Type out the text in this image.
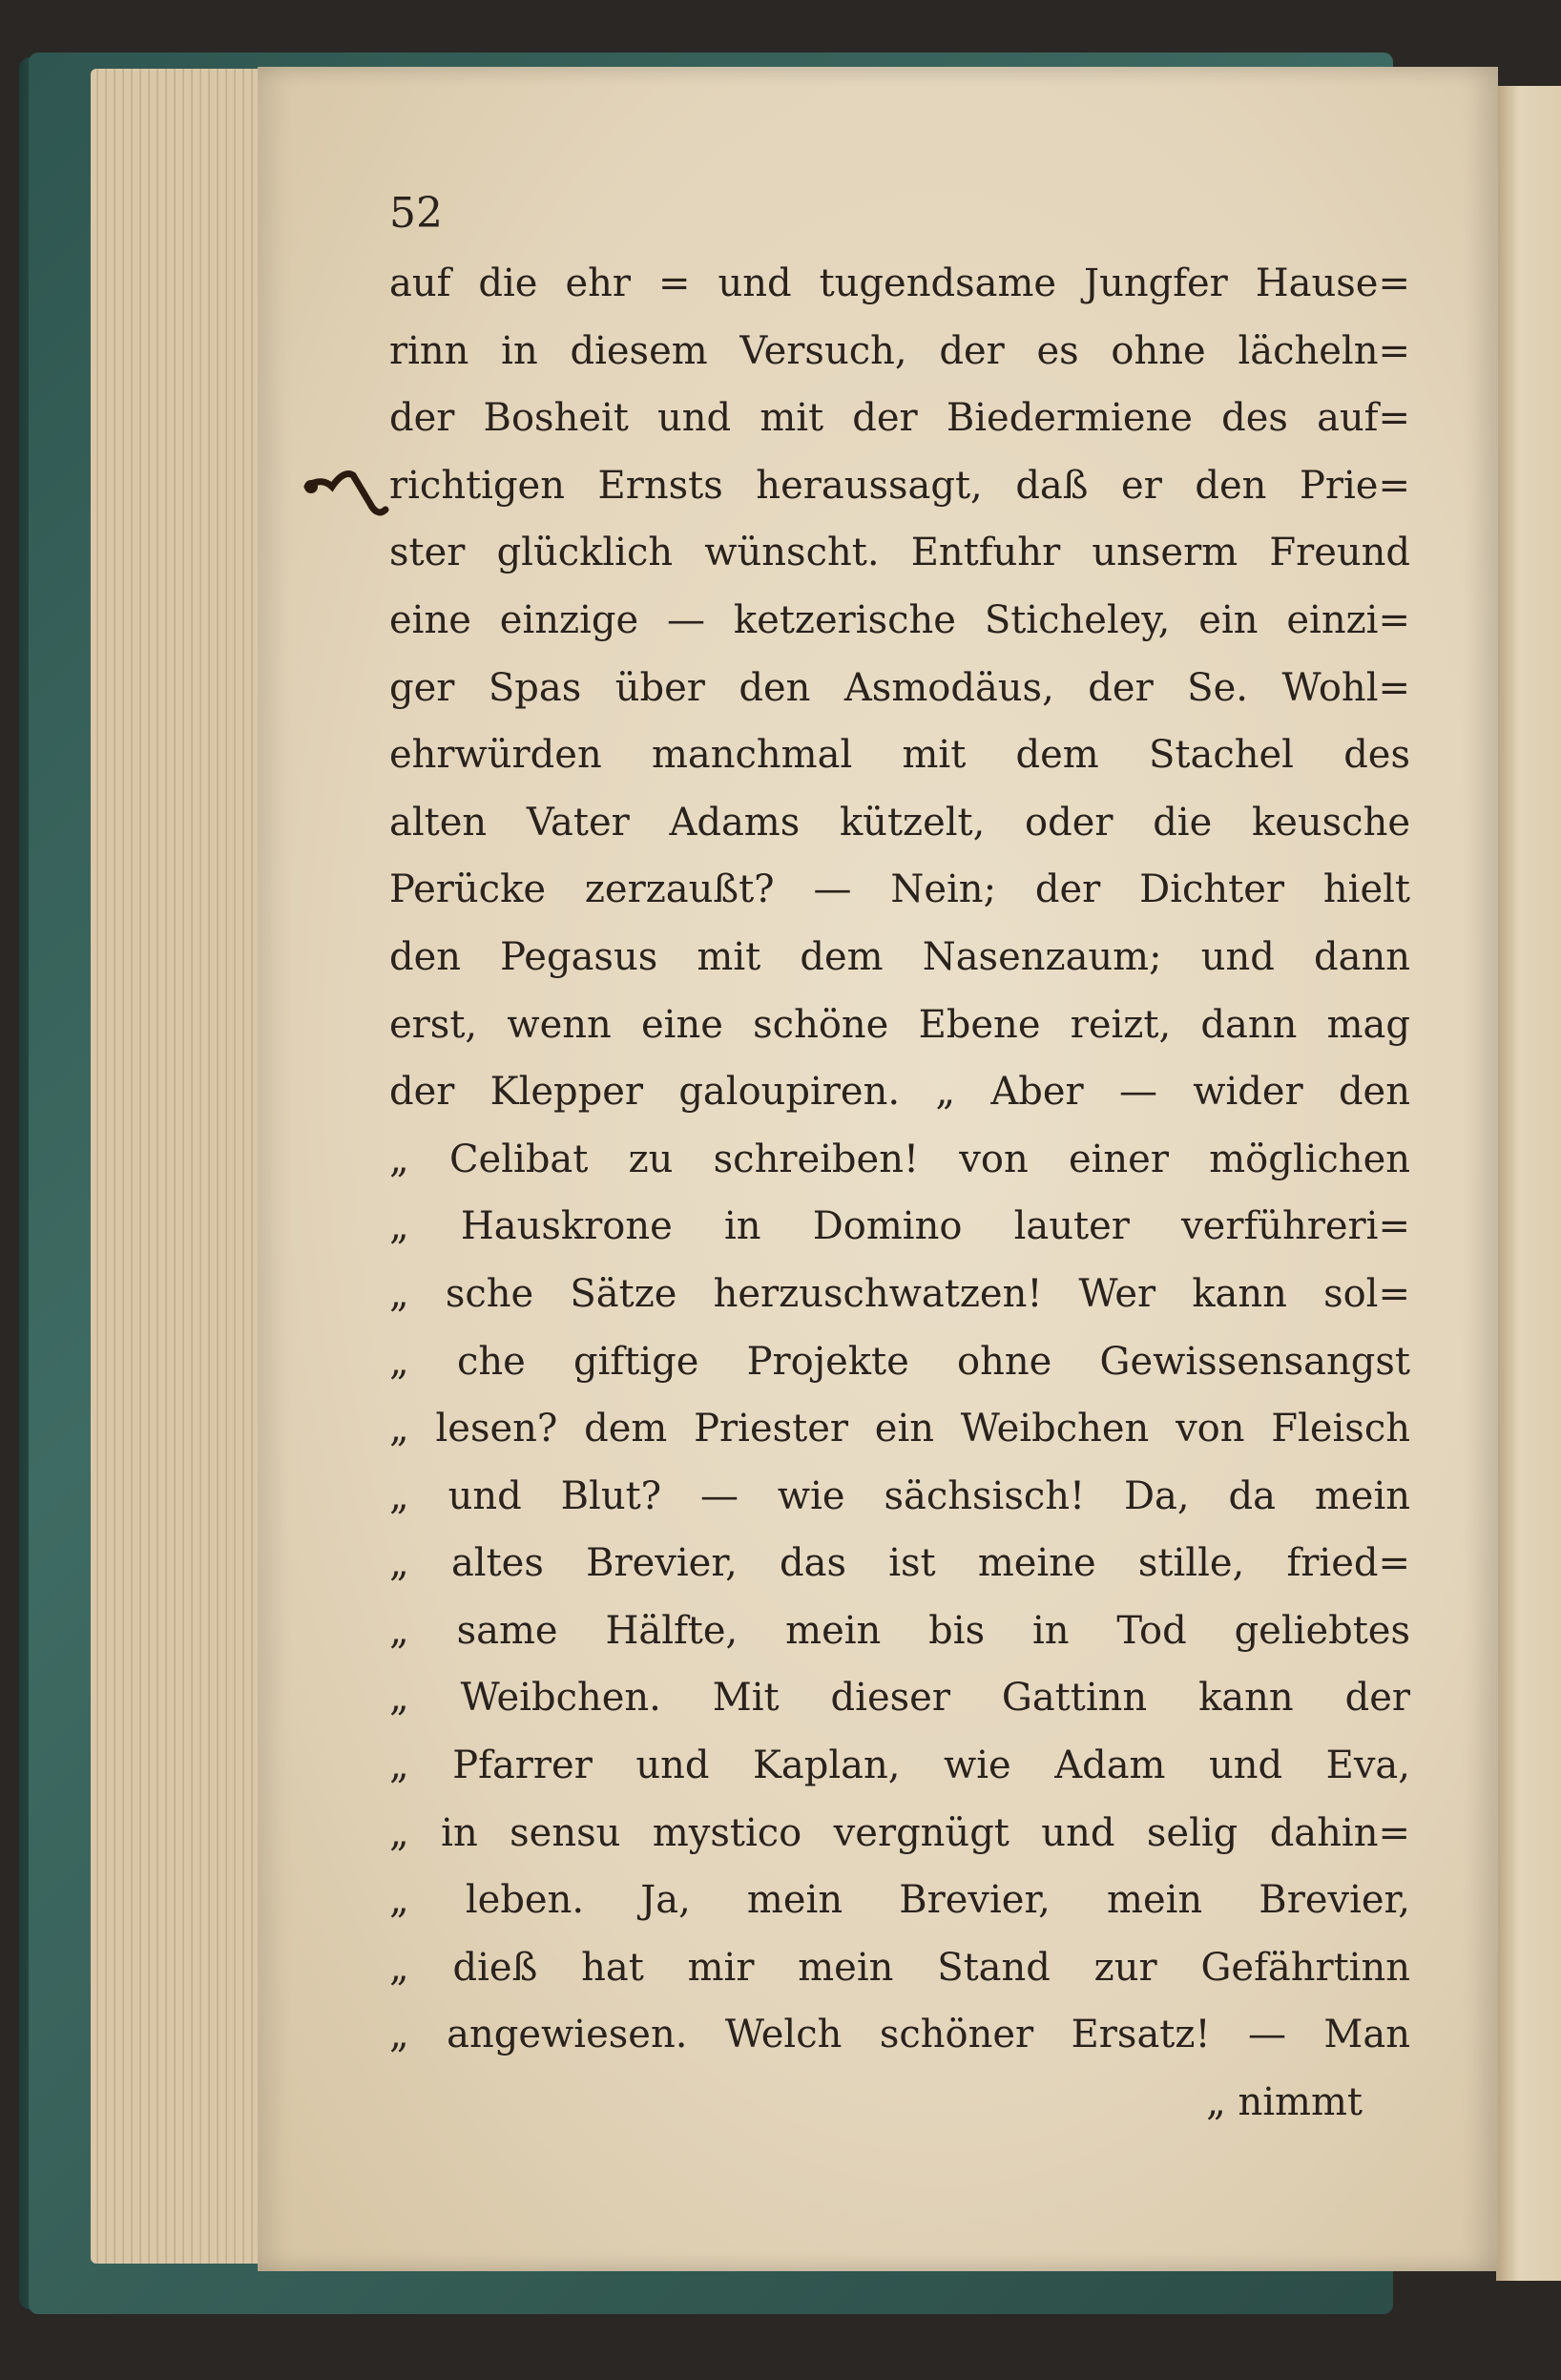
52
auf die ehr = und tugendsame Jungfer Hause=
rinn in diesem Versuch, der es ohne lächeln=
der Bosheit und mit der Biedermiene des auf=
richtigen Ernsts heraussagt, daß er den Prie=
ster glücklich wünscht. Entfuhr unserm Freund
eine einzige — ketzerische Sticheley, ein einzi=
ger Spas über den Asmodäus, der Se. Wohl=
ehrwürden manchmal mit dem Stachel des
alten Vater Adams kützelt, oder die keusche
Perücke zerzaußt? — Nein; der Dichter hielt
den Pegasus mit dem Nasenzaum; und dann
erst, wenn eine schöne Ebene reizt, dann mag
der Klepper galoupiren. „ Aber — wider den
„ Celibat zu schreiben! von einer möglichen
„ Hauskrone in Domino lauter verführeri=
„ sche Sätze herzuschwatzen! Wer kann sol=
„ che giftige Projekte ohne Gewissensangst
„ lesen? dem Priester ein Weibchen von Fleisch
„ und Blut? — wie sächsisch! Da, da mein
„ altes Brevier, das ist meine stille, fried=
„ same Hälfte, mein bis in Tod geliebtes
„ Weibchen. Mit dieser Gattinn kann der
„ Pfarrer und Kaplan, wie Adam und Eva,
„ in sensu mystico vergnügt und selig dahin=
„ leben. Ja, mein Brevier, mein Brevier,
„ dieß hat mir mein Stand zur Gefährtinn
„ angewiesen. Welch schöner Ersatz! — Man
„ nimmt
